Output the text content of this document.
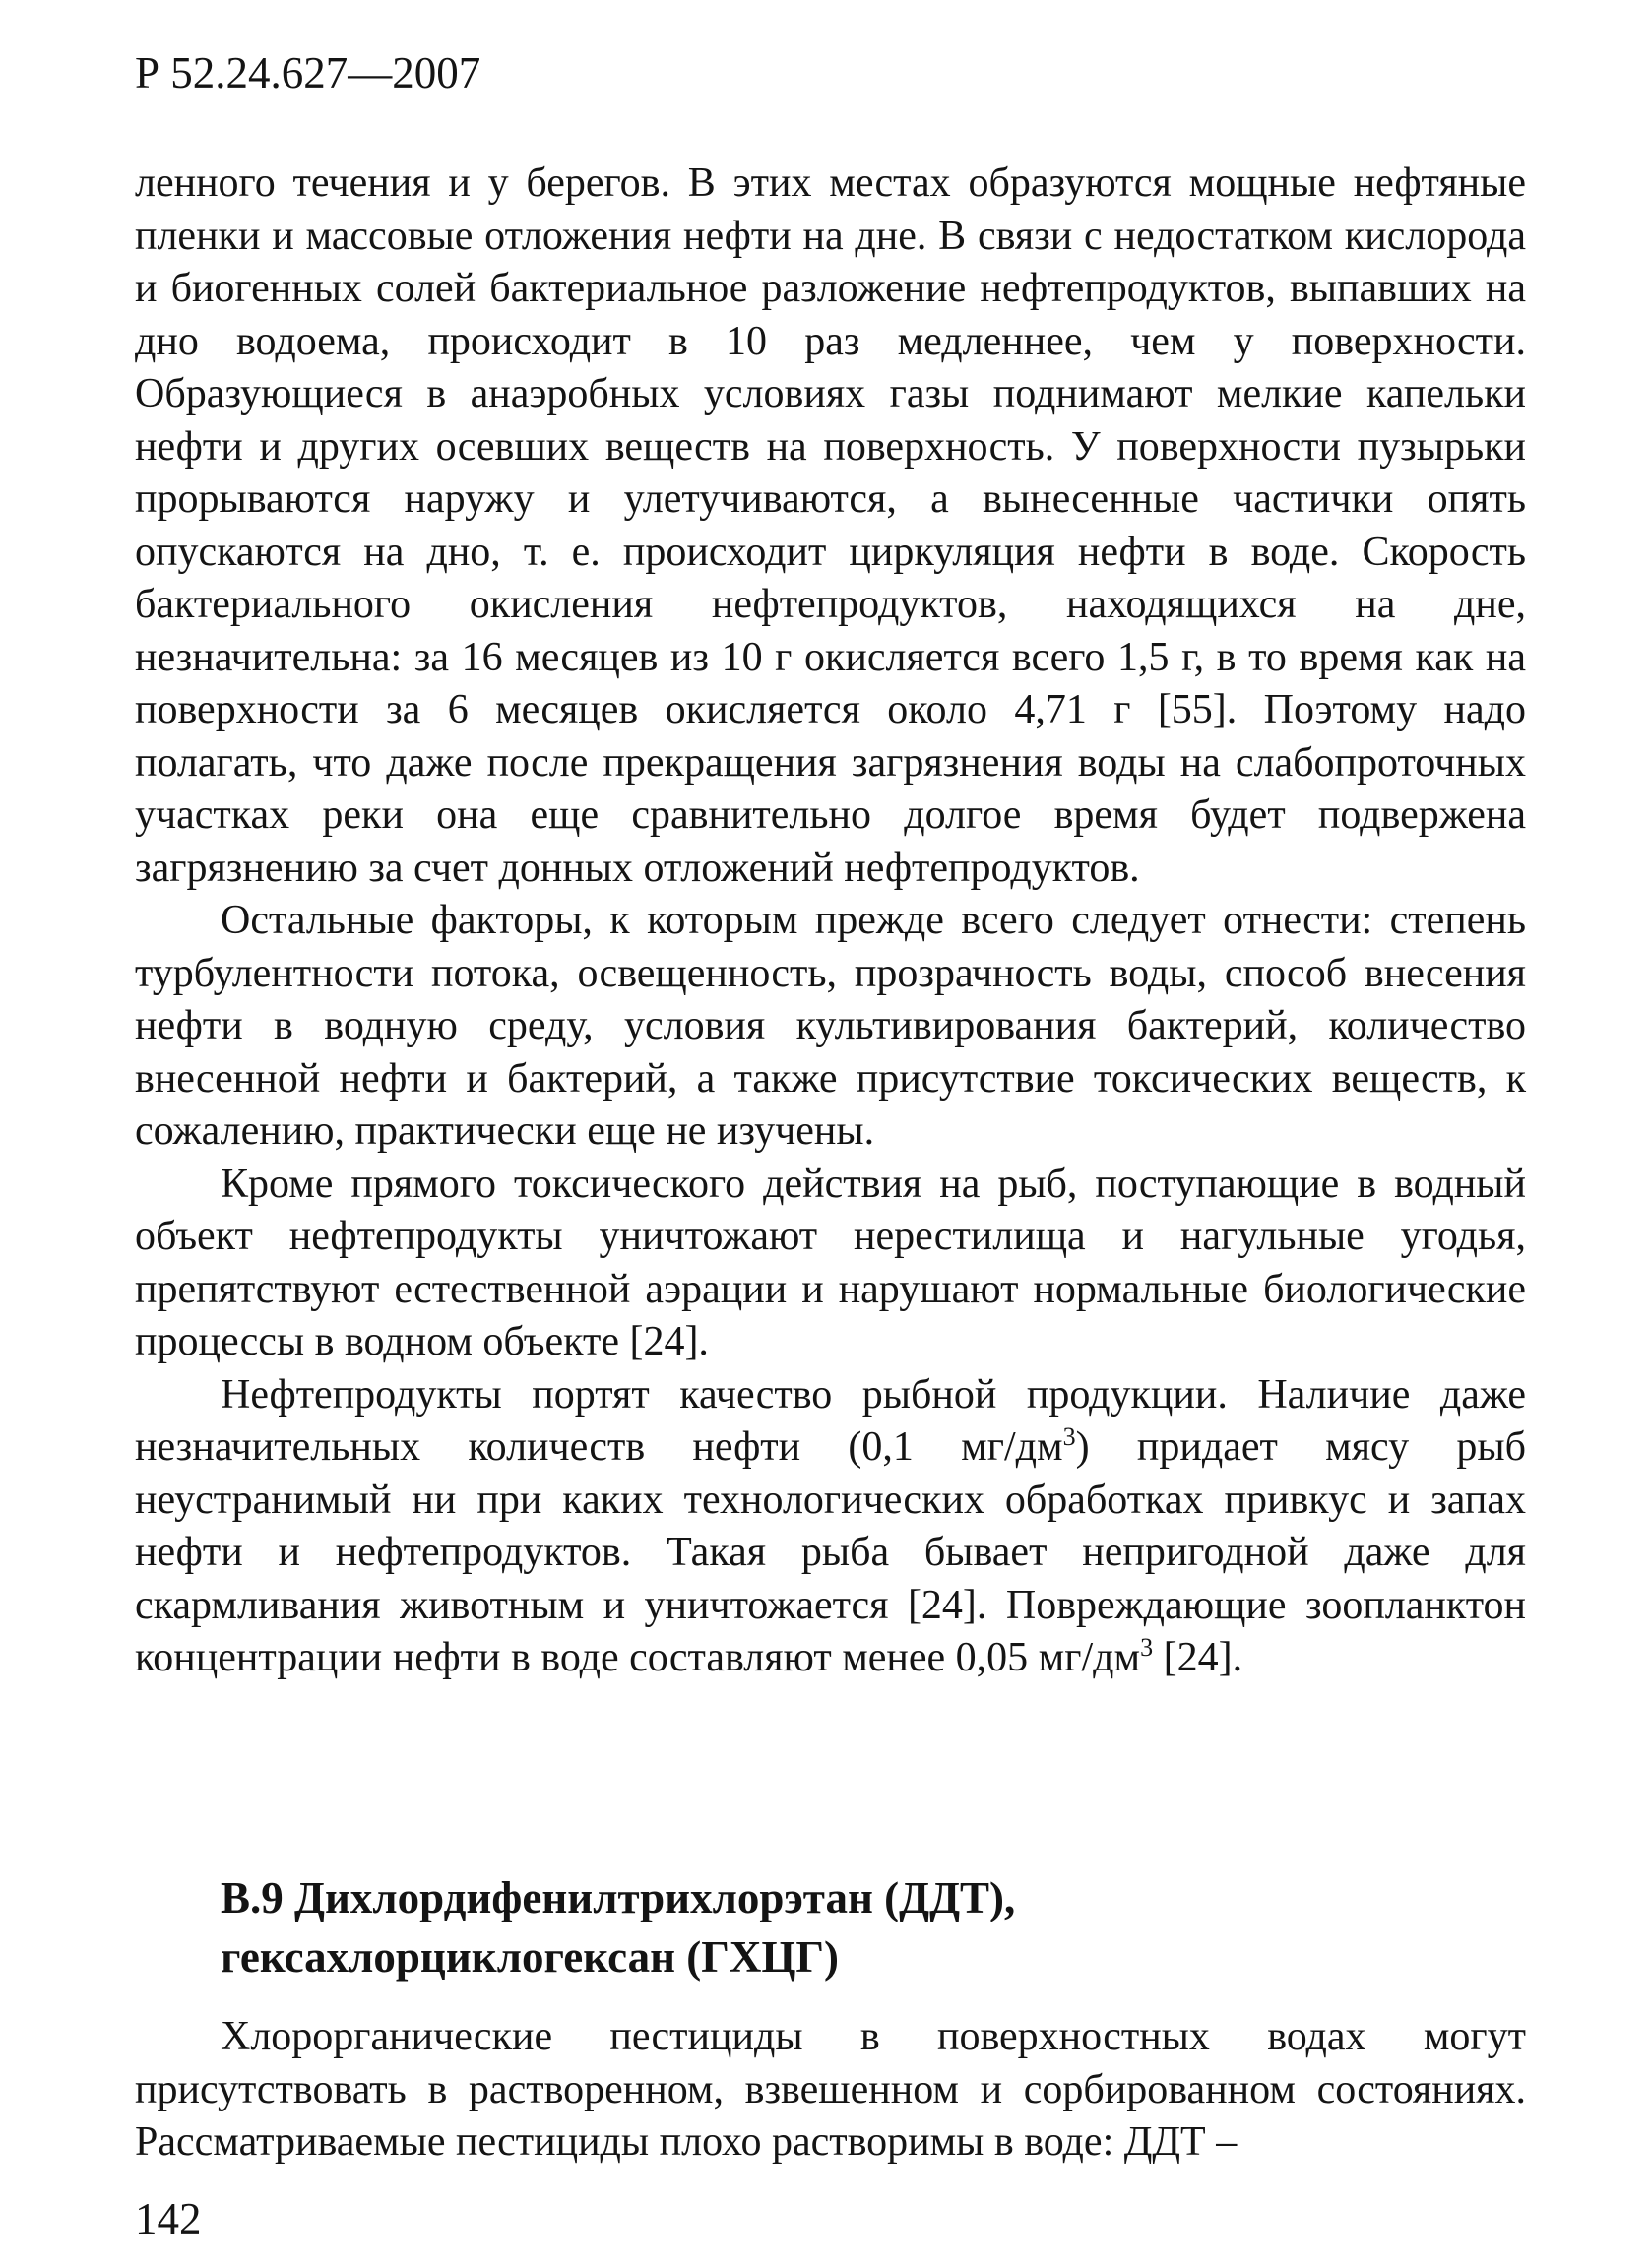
Р 52.24.627—2007

ленного течения и у берегов. В этих местах образуются мощные нефтяные пленки и массовые отложения нефти на дне. В связи с недостатком кислорода и биогенных солей бактериальное разложение нефтепродуктов, выпавших на дно водоема, происходит в 10 раз медленнее, чем у поверхности. Образующиеся в анаэробных условиях газы поднимают мелкие капельки нефти и других осевших веществ на поверхность. У поверхности пузырьки прорываются наружу и улетучиваются, а вынесенные частички опять опускаются на дно, т. е. происходит циркуляция нефти в воде. Скорость бактериального окисления нефтепродуктов, находящихся на дне, незначительна: за 16 месяцев из 10 г окисляется всего 1,5 г, в то время как на поверхности за 6 месяцев окисляется около 4,71 г [55]. Поэтому надо полагать, что даже после прекращения загрязнения воды на слабопроточных участках реки она еще сравнительно долгое время будет подвержена загрязнению за счет донных отложений нефтепродуктов.

Остальные факторы, к которым прежде всего следует отнести: степень турбулентности потока, освещенность, прозрачность воды, способ внесения нефти в водную среду, условия культивирования бактерий, количество внесенной нефти и бактерий, а также присутствие токсических веществ, к сожалению, практически еще не изучены.

Кроме прямого токсического действия на рыб, поступающие в водный объект нефтепродукты уничтожают нерестилища и нагульные угодья, препятствуют естественной аэрации и нарушают нормальные биологические процессы в водном объекте [24].

Нефтепродукты портят качество рыбной продукции. Наличие даже незначительных количеств нефти (0,1 $мг/дм^3$) придает мясу рыб неустранимый ни при каких технологических обработках привкус и запах нефти и нефтепродуктов. Такая рыба бывает непригодной даже для скармливания животным и уничтожается [24]. Повреждающие зоопланктон концентрации нефти в воде составляют менее 0,05 $мг/дм^3$ [24].

В.9 Дихлордифенилтрихлорэтан (ДДТ),
гексахлорциклогексан (ГХЦГ)

Хлорорганические пестициды в поверхностных водах могут присутствовать в растворенном, взвешенном и сорбированном состояниях. Рассматриваемые пестициды плохо растворимы в воде: ДДТ –

142
